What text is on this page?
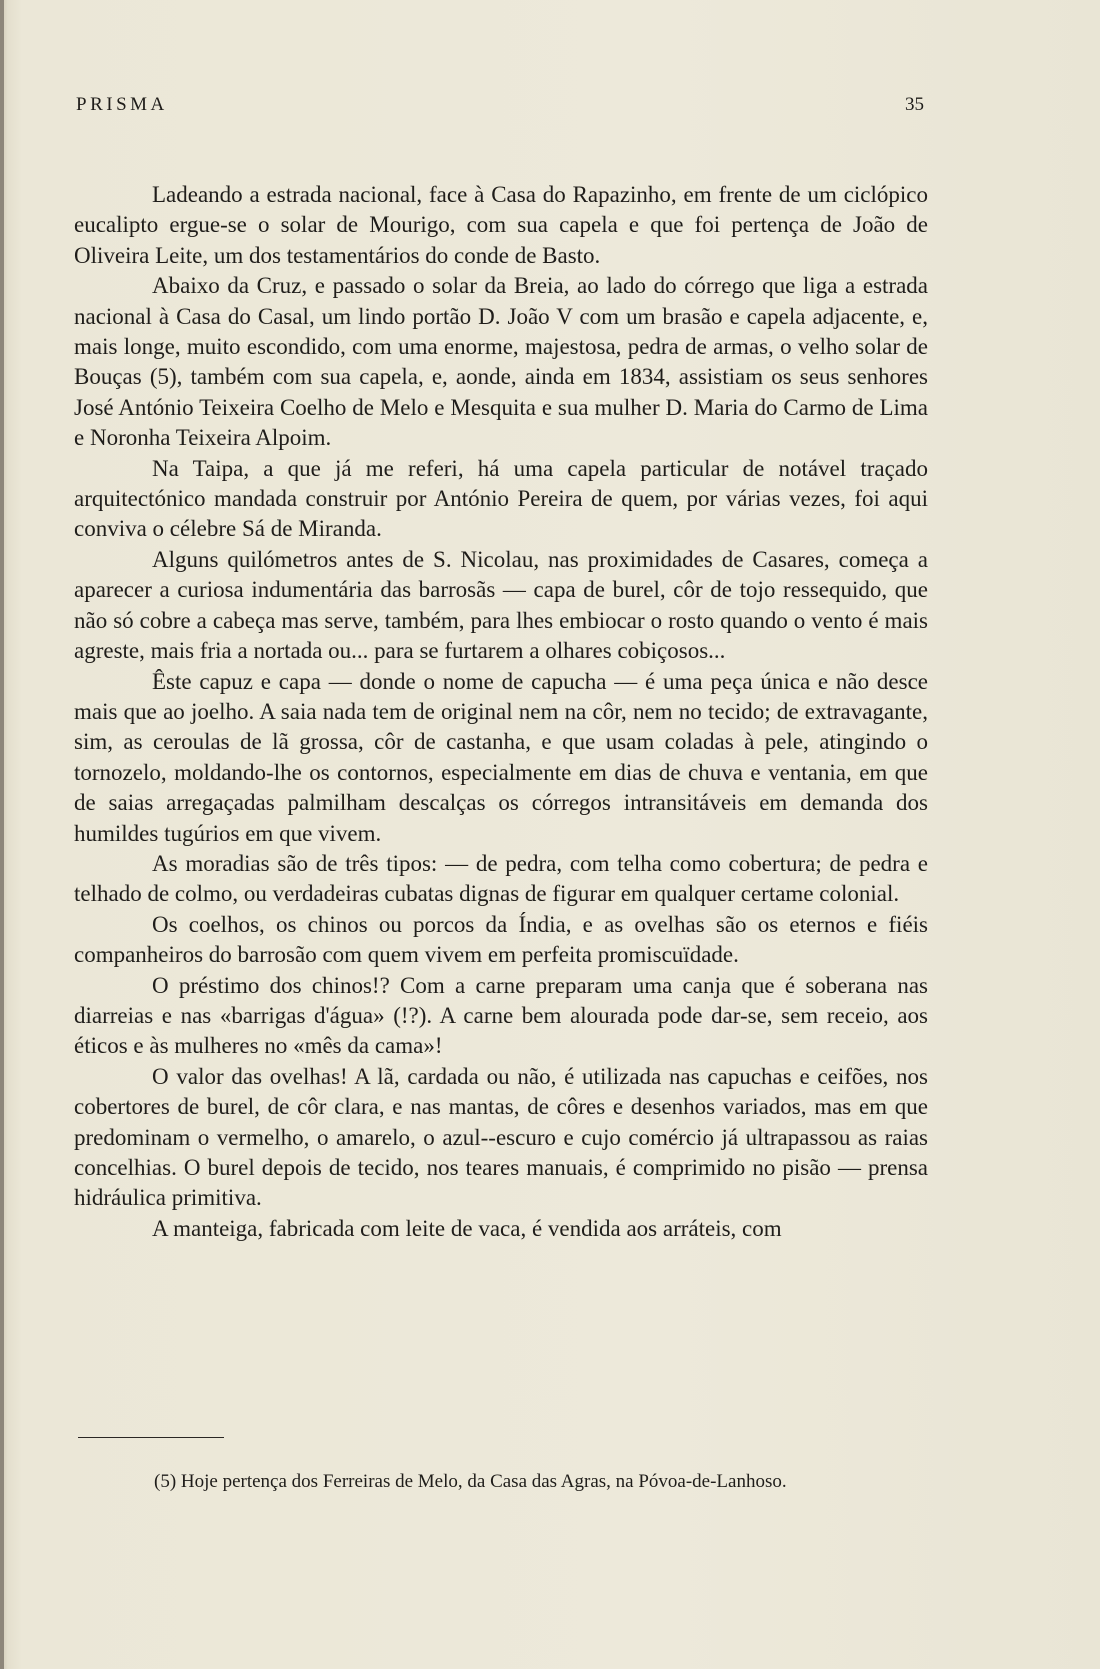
PRISMA	35

Ladeando a estrada nacional, face à Casa do Rapazinho, em frente de um ciclópico eucalipto ergue-se o solar de Mourigo, com sua capela e que foi pertença de João de Oliveira Leite, um dos testamentários do conde de Basto.

Abaixo da Cruz, e passado o solar da Breia, ao lado do córrego que liga a estrada nacional à Casa do Casal, um lindo portão D. João V com um brasão e capela adjacente, e, mais longe, muito escondido, com uma enorme, majestosa, pedra de armas, o velho solar de Bouças (5), também com sua capela, e, aonde, ainda em 1834, assistiam os seus senhores José António Teixeira Coelho de Melo e Mesquita e sua mulher D. Maria do Carmo de Lima e Noronha Teixeira Alpoim.

Na Taipa, a que já me referi, há uma capela particular de notável traçado arquitectónico mandada construir por António Pereira de quem, por várias vezes, foi aqui conviva o célebre Sá de Miranda.

Alguns quilómetros antes de S. Nicolau, nas proximidades de Casares, começa a aparecer a curiosa indumentária das barrosãs — capa de burel, côr de tojo ressequido, que não só cobre a cabeça mas serve, também, para lhes embiocar o rosto quando o vento é mais agreste, mais fria a nortada ou... para se furtarem a olhares cobiçosos...

Êste capuz e capa — donde o nome de capucha — é uma peça única e não desce mais que ao joelho. A saia nada tem de original nem na côr, nem no tecido; de extravagante, sim, as ceroulas de lã grossa, côr de castanha, e que usam coladas à pele, atingindo o tornozelo, moldando-lhe os contornos, especialmente em dias de chuva e ventania, em que de saias arregaçadas palmilham descalças os córregos intransitáveis em demanda dos humildes tugúrios em que vivem.

As moradias são de três tipos: — de pedra, com telha como cobertura; de pedra e telhado de colmo, ou verdadeiras cubatas dignas de figurar em qualquer certame colonial.

Os coelhos, os chinos ou porcos da Índia, e as ovelhas são os eternos e fiéis companheiros do barrosão com quem vivem em perfeita promiscuïdade.

O préstimo dos chinos!? Com a carne preparam uma canja que é soberana nas diarreias e nas «barrigas d'água» (!?). A carne bem alourada pode dar-se, sem receio, aos éticos e às mulheres no «mês da cama»!

O valor das ovelhas! A lã, cardada ou não, é utilizada nas capuchas e ceifões, nos cobertores de burel, de côr clara, e nas mantas, de côres e desenhos variados, mas em que predominam o vermelho, o amarelo, o azul--escuro e cujo comércio já ultrapassou as raias concelhias. O burel depois de tecido, nos teares manuais, é comprimido no pisão — prensa hidráulica primitiva.

A manteiga, fabricada com leite de vaca, é vendida aos arráteis, com

(5) Hoje pertença dos Ferreiras de Melo, da Casa das Agras, na Póvoa-de-Lanhoso.
